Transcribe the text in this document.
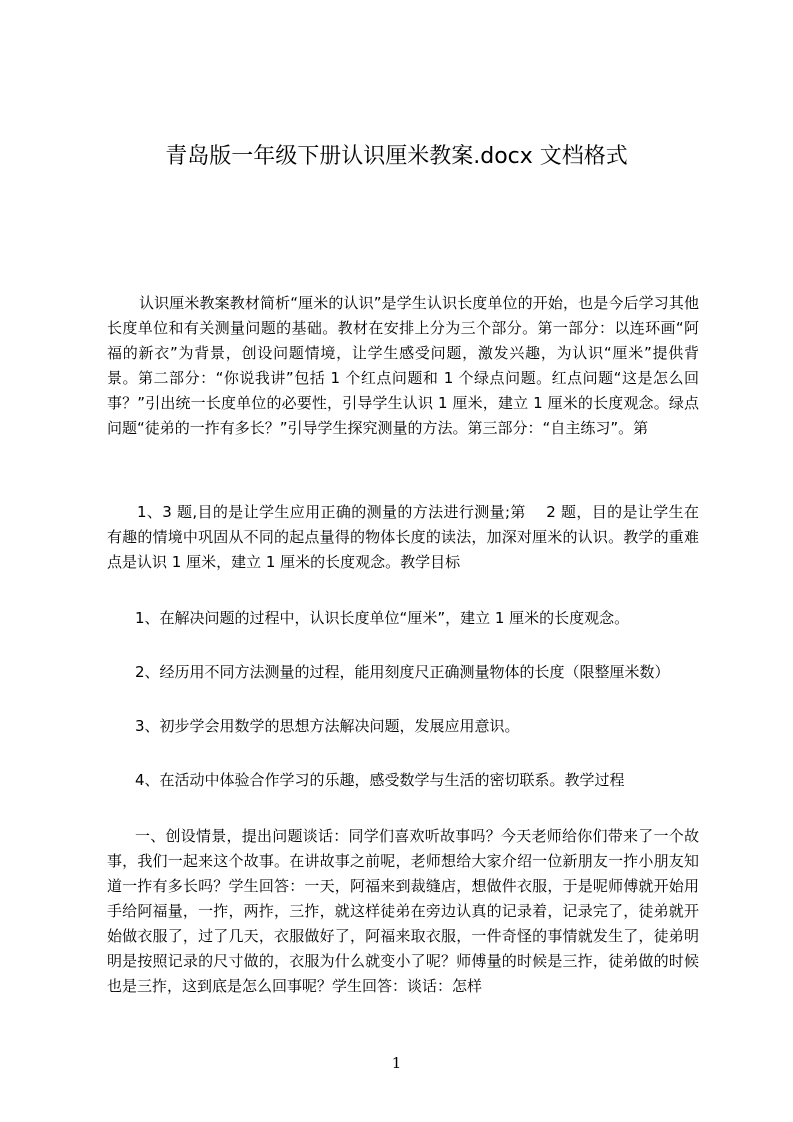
青岛版一年级下册认识厘米教案.docx 文档格式

认识厘米教案教材简析“厘米的认识”是学生认识长度单位的开始，也是今后学习其他长度单位和有关测量问题的基础。教材在安排上分为三个部分。第一部分：以连环画“阿福的新衣”为背景，创设问题情境，让学生感受问题，激发兴趣，为认识“厘米”提供背景。第二部分：“你说我讲”包括 1 个红点问题和 1 个绿点问题。红点问题“这是怎么回事？”引出统一长度单位的必要性，引导学生认识 1 厘米，建立 1 厘米的长度观念。绿点问题“徒弟的一拃有多长？”引导学生探究测量的方法。第三部分：“自主练习”。第

1、3 题,目的是让学生应用正确的测量的方法进行测量;第　 2 题，目的是让学生在有趣的情境中巩固从不同的起点量得的物体长度的读法，加深对厘米的认识。教学的重难点是认识 1 厘米，建立 1 厘米的长度观念。教学目标

1、在解决问题的过程中，认识长度单位“厘米”，建立 1 厘米的长度观念。

2、经历用不同方法测量的过程，能用刻度尺正确测量物体的长度（限整厘米数）

3、初步学会用数学的思想方法解决问题，发展应用意识。

4、在活动中体验合作学习的乐趣，感受数学与生活的密切联系。教学过程

一、创设情景，提出问题谈话：同学们喜欢听故事吗？今天老师给你们带来了一个故事，我们一起来这个故事。在讲故事之前呢，老师想给大家介绍一位新朋友一拃小朋友知道一拃有多长吗？学生回答：一天，阿福来到裁缝店，想做件衣服，于是呢师傅就开始用手给阿福量，一拃，两拃，三拃，就这样徒弟在旁边认真的记录着，记录完了，徒弟就开始做衣服了，过了几天，衣服做好了，阿福来取衣服，一件奇怪的事情就发生了，徒弟明明是按照记录的尺寸做的，衣服为什么就变小了呢？师傅量的时候是三拃，徒弟做的时候也是三拃，这到底是怎么回事呢？学生回答：谈话：怎样

1
